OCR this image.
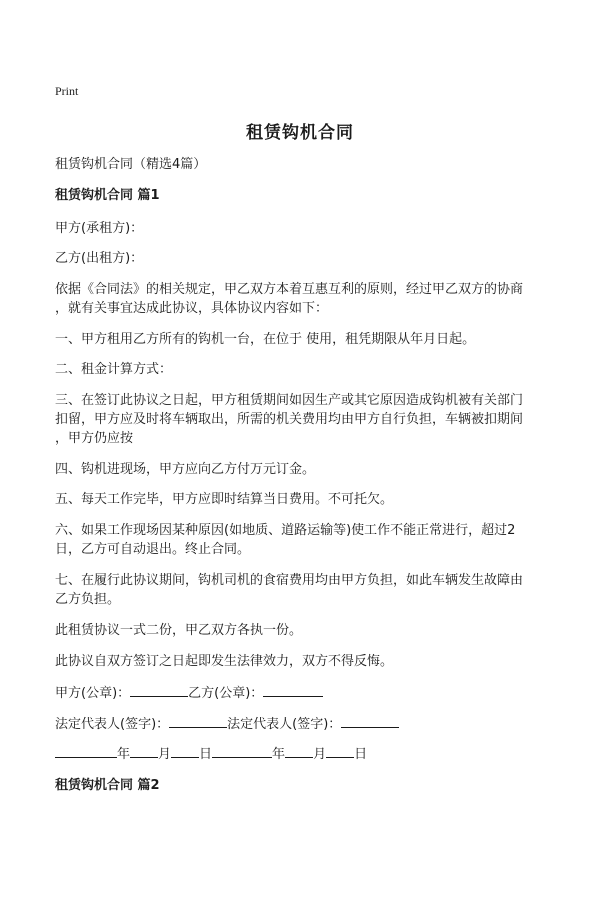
Print
租赁钩机合同
租赁钩机合同（精选4篇）
租赁钩机合同 篇1
甲方(承租方)：
乙方(出租方)：
依据《合同法》的相关规定，甲乙双方本着互惠互利的原则，经过甲乙双方的协商
，就有关事宜达成此协议，具体协议内容如下：
一、甲方租用乙方所有的钩机一台，在位于 使用，租凭期限从年月日起。
二、租金计算方式：
三、在签订此协议之日起，甲方租赁期间如因生产或其它原因造成钩机被有关部门
扣留，甲方应及时将车辆取出，所需的机关费用均由甲方自行负担，车辆被扣期间
，甲方仍应按
四、钩机进现场，甲方应向乙方付万元订金。
五、每天工作完毕，甲方应即时结算当日费用。不可托欠。
六、如果工作现场因某种原因(如地质、道路运输等)使工作不能正常进行，超过2
日，乙方可自动退出。终止合同。
七、在履行此协议期间，钩机司机的食宿费用均由甲方负担，如此车辆发生故障由
乙方负担。
此租赁协议一式二份，甲乙双方各执一份。
此协议自双方签订之日起即发生法律效力，双方不得反悔。
甲方(公章)：	乙方(公章)：
法定代表人(签字)：	法定代表人(签字)：
年 月 日	年 月 日
租赁钩机合同 篇2
